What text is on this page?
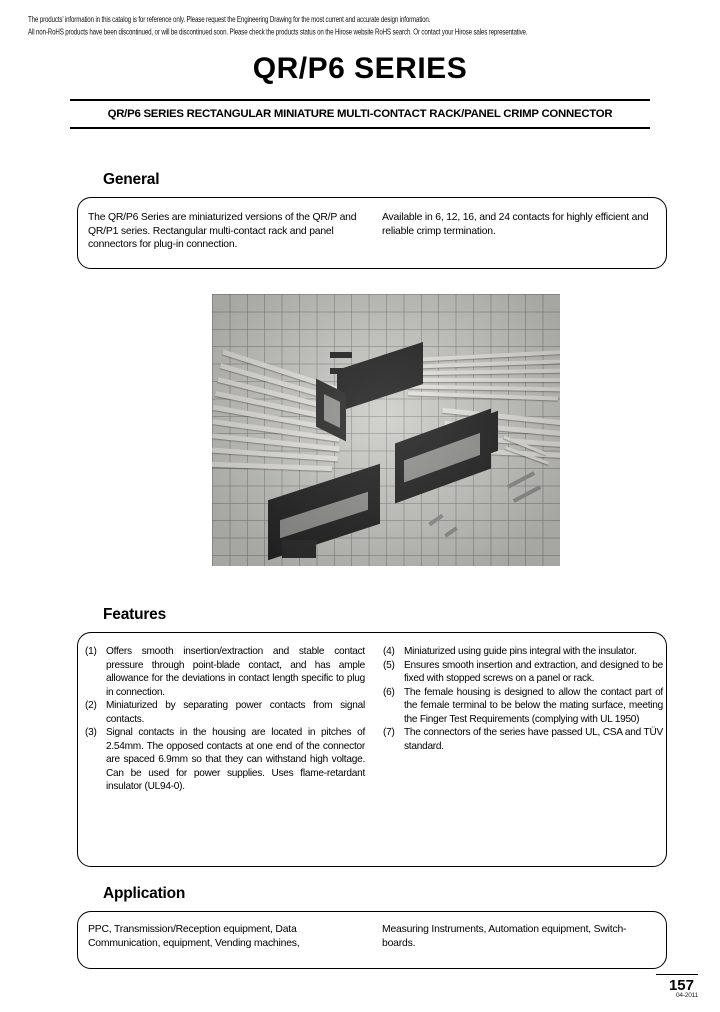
The products' information in this catalog is for reference only. Please request the Engineering Drawing for the most current and accurate design information.
All non-RoHS products have been discontinued, or will be discontinued soon. Please check the products status on the Hirose website RoHS search. Or contact your Hirose sales representative.
QR/P6 SERIES
QR/P6 SERIES RECTANGULAR MINIATURE MULTI-CONTACT RACK/PANEL CRIMP CONNECTOR
General
The QR/P6 Series are miniaturized versions of the QR/P and QR/P1 series. Rectangular multi-contact rack and panel connectors for plug-in connection.
Available in 6, 12, 16, and 24 contacts for highly efficient and reliable crimp termination.
Features
(1) Offers smooth insertion/extraction and stable contact pressure through point-blade contact, and has ample allowance for the deviations in contact length specific to plug in connection.
(2) Miniaturized by separating power contacts from signal contacts.
(3) Signal contacts in the housing are located in pitches of 2.54mm. The opposed contacts at one end of the connector are spaced 6.9mm so that they can withstand high voltage. Can be used for power supplies. Uses flame-retardant insulator (UL94-0).
(4) Miniaturized using guide pins integral with the insulator.
(5) Ensures smooth insertion and extraction, and designed to be fixed with stopped screws on a panel or rack.
(6) The female housing is designed to allow the contact part of the female terminal to be below the mating surface, meeting the Finger Test Requirements (complying with UL 1950)
(7) The connectors of the series have passed UL, CSA and TÜV standard.
Application
PPC, Transmission/Reception equipment, Data Communication, equipment, Vending machines,
Measuring Instruments, Automation equipment, Switch-boards.
157
04-2011
